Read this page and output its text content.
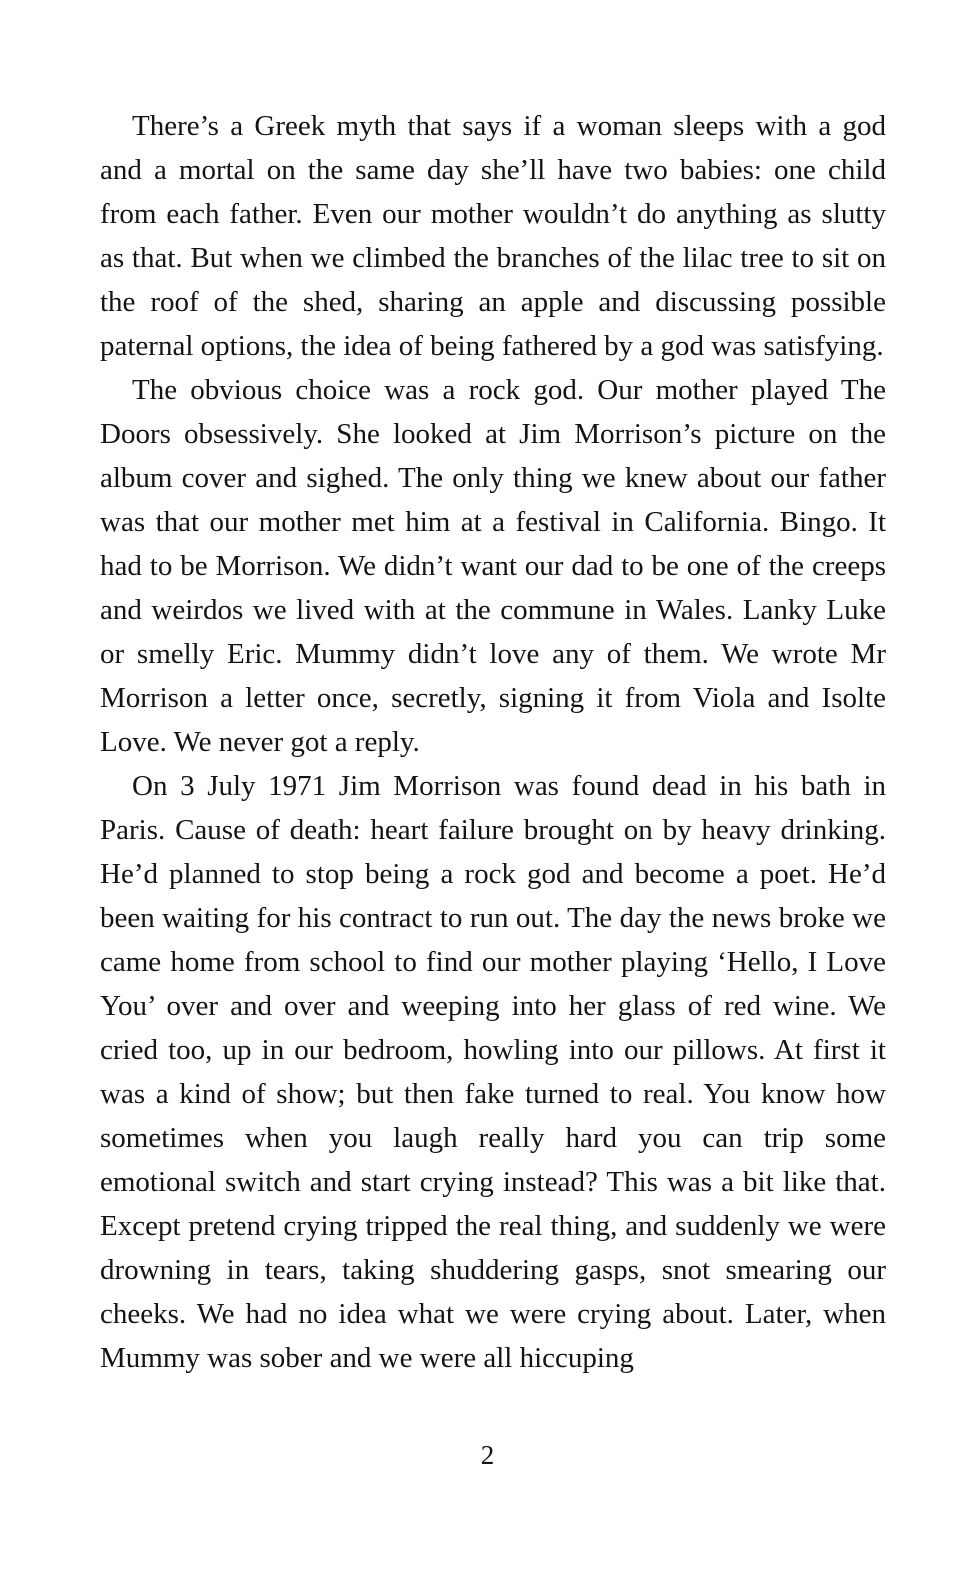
There’s a Greek myth that says if a woman sleeps with a god and a mortal on the same day she’ll have two babies: one child from each father. Even our mother wouldn’t do anything as slutty as that. But when we climbed the branches of the lilac tree to sit on the roof of the shed, sharing an apple and discussing possible paternal options, the idea of being fathered by a god was satisfying.

The obvious choice was a rock god. Our mother played The Doors obsessively. She looked at Jim Morrison’s picture on the album cover and sighed. The only thing we knew about our father was that our mother met him at a festival in California. Bingo. It had to be Morrison. We didn’t want our dad to be one of the creeps and weirdos we lived with at the commune in Wales. Lanky Luke or smelly Eric. Mummy didn’t love any of them. We wrote Mr Morrison a letter once, secretly, signing it from Viola and Isolte Love. We never got a reply.

On 3 July 1971 Jim Morrison was found dead in his bath in Paris. Cause of death: heart failure brought on by heavy drinking. He’d planned to stop being a rock god and become a poet. He’d been waiting for his contract to run out. The day the news broke we came home from school to find our mother playing ‘Hello, I Love You’ over and over and weeping into her glass of red wine. We cried too, up in our bedroom, howling into our pillows. At first it was a kind of show; but then fake turned to real. You know how sometimes when you laugh really hard you can trip some emotional switch and start crying instead? This was a bit like that. Except pretend crying tripped the real thing, and suddenly we were drowning in tears, taking shuddering gasps, snot smearing our cheeks. We had no idea what we were crying about. Later, when Mummy was sober and we were all hiccuping

2
